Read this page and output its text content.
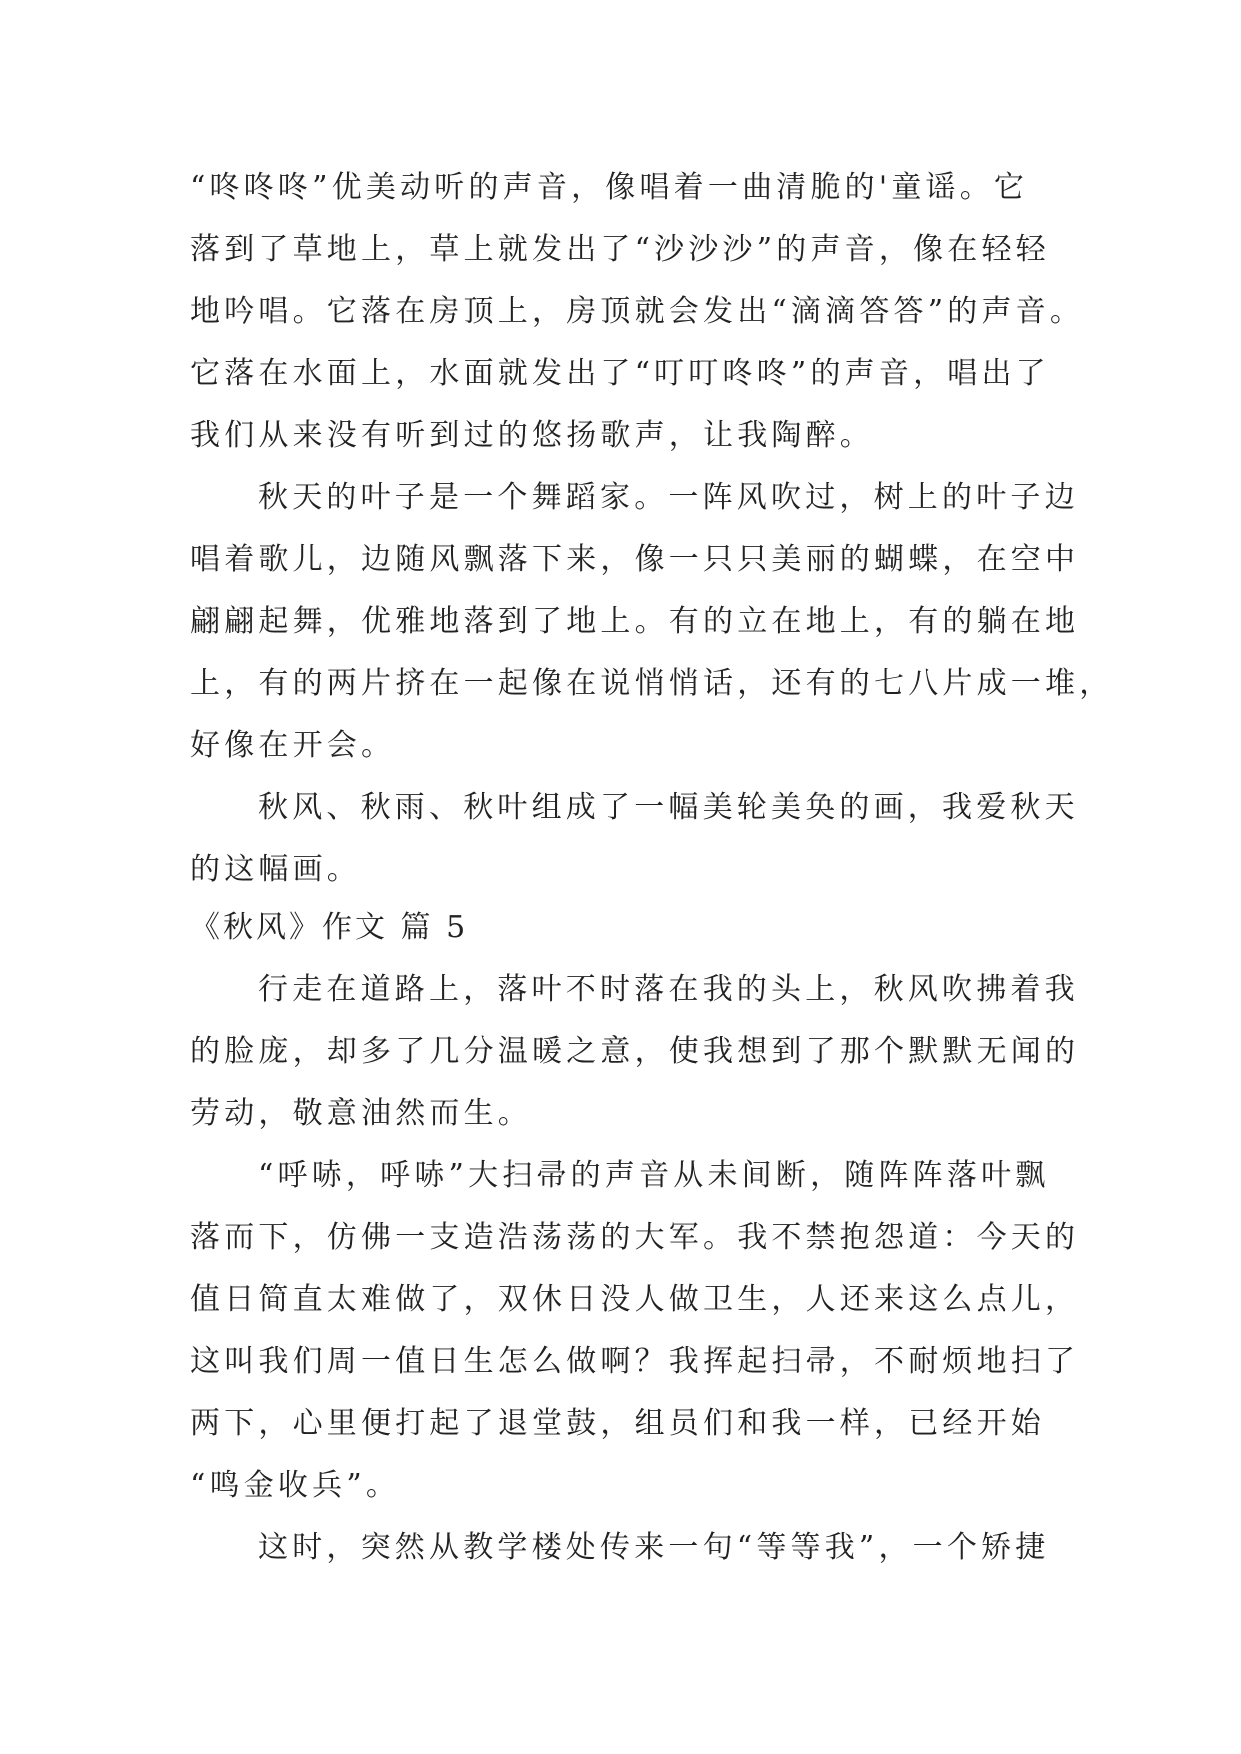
“咚咚咚”优美动听的声音，像唱着一曲清脆的'童谣。它
落到了草地上，草上就发出了“沙沙沙”的声音，像在轻轻
地吟唱。它落在房顶上，房顶就会发出“滴滴答答”的声音。
它落在水面上，水面就发出了“叮叮咚咚”的声音，唱出了
我们从来没有听到过的悠扬歌声，让我陶醉。
秋天的叶子是一个舞蹈家。一阵风吹过，树上的叶子边
唱着歌儿，边随风飘落下来，像一只只美丽的蝴蝶，在空中
翩翩起舞，优雅地落到了地上。有的立在地上，有的躺在地
上，有的两片挤在一起像在说悄悄话，还有的七八片成一堆，
好像在开会。
秋风、秋雨、秋叶组成了一幅美轮美奂的画，我爱秋天
的这幅画。
《秋风》作文 篇 5
行走在道路上，落叶不时落在我的头上，秋风吹拂着我
的脸庞，却多了几分温暖之意，使我想到了那个默默无闻的
劳动，敬意油然而生。
“呼哧，呼哧”大扫帚的声音从未间断，随阵阵落叶飘
落而下，仿佛一支造浩荡荡的大军。我不禁抱怨道：今天的
值日简直太难做了，双休日没人做卫生，人还来这么点儿，
这叫我们周一值日生怎么做啊？我挥起扫帚，不耐烦地扫了
两下，心里便打起了退堂鼓，组员们和我一样，已经开始
“鸣金收兵”。
这时，突然从教学楼处传来一句“等等我”，一个矫捷
